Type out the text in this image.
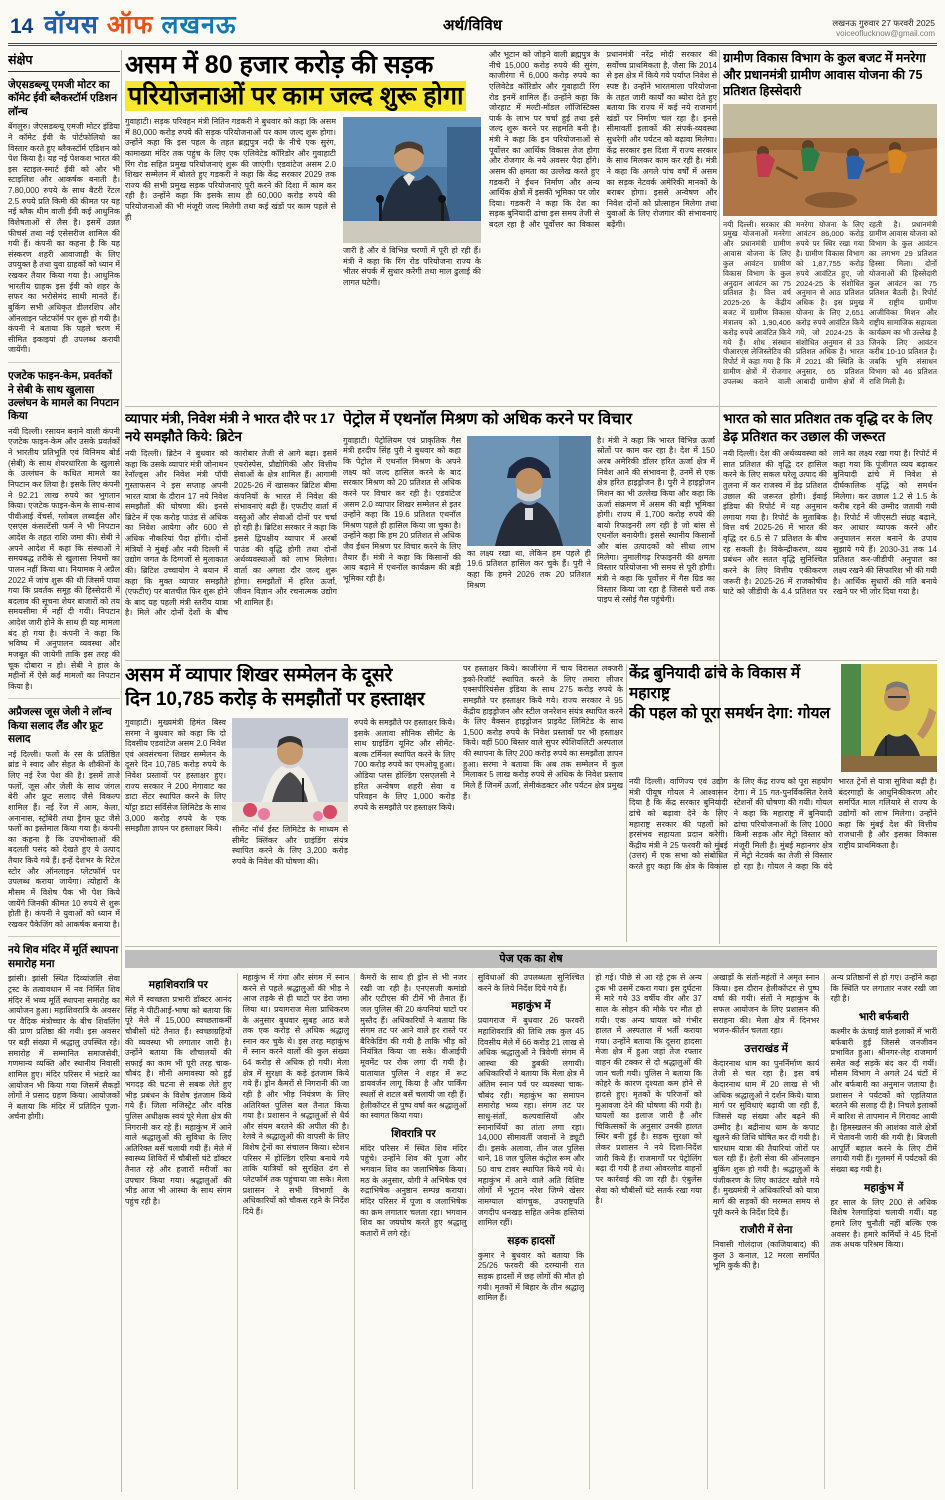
14 वॉयस ऑफ लखनऊ	अर्थ/विविध	लखनऊ गुरुवार 27 फरवरी 2025
voiceoflucknow@gmail.com
संक्षेप
जेएसडब्ल्यू एमजी मोटर का कॉमेट ईवी ब्लैकस्टॉर्म एडिशन लॉन्च

बेंगलुरु। जेएसडब्ल्यू एमजी मोटर इंडिया ने कॉमेट ईवी के पोर्टफोलियो का विस्तार करते हुए ब्लैकस्टॉर्म एडिशन को पेश किया है। यह नई पेशकश भारत की इस स्टाइल-स्मार्ट ईवी को और भी स्टाइलिश और आकर्षक बनाती है। 7.80,000 रुपये के साथ बैटरी रेंटल 2.5 रुपये प्रति किमी की कीमत पर यह नई ब्लैक थीम वाली ईवी कई आधुनिक विशेषताओं से लैस है। इसमें उन्नत फीचर्स तथा नई एसेसरीज शामिल की गयी हैं। कंपनी का कहना है कि यह संस्करण शहरी आवाजाही के लिए उपयुक्त है तथा युवा ग्राहकों को ध्यान में रखकर तैयार किया गया है। आधुनिक भारतीय ग्राहक इस ईवी को शहर के सफर का भरोसेमंद साथी मानते हैं। बुकिंग सभी अधिकृत डीलरशिप और ऑनलाइन प्लेटफॉर्म पर शुरू हो गयी है। कंपनी ने बताया कि पहले चरण में सीमित इकाइयां ही उपलब्ध करायी जायेंगी।

एजटेक फाइन-केम, प्रवर्तकों ने सेबी के साथ खुलासा उल्लंघन के मामले का निपटान किया

नयी दिल्ली। रसायन बनाने वाली कंपनी एजटेक फाइन-केम और उसके प्रवर्तकों ने भारतीय प्रतिभूति एवं विनिमय बोर्ड (सेबी) के साथ शेयरधारिता के खुलासे के उल्लंघन के कथित मामले का निपटान कर लिया है। इसके लिए कंपनी ने 92.21 लाख रुपये का भुगतान किया। एजटेक फाइन-केम के साथ-साथ पीवीआई वेंचर्स, ग्लोबल लब्वर्ड्स और एसएस कंसल्टेंसी फर्म ने भी निपटान आदेश के तहत राशि जमा की। सेबी ने अपने आदेश में कहा कि संस्थाओं ने समयबद्ध तरीके से खुलासा नियमों का पालन नहीं किया था। नियामक ने अप्रैल 2022 में जांच शुरू की थी जिसमें पाया गया कि प्रवर्तक समूह की हिस्सेदारी में बदलाव की सूचना शेयर बाजारों को तय समयसीमा में नहीं दी गयी। निपटान आदेश जारी होने के साथ ही यह मामला बंद हो गया है। कंपनी ने कहा कि भविष्य में अनुपालन व्यवस्था और मजबूत की जायेगी ताकि इस तरह की चूक दोबारा न हो। सेबी ने हाल के महीनों में ऐसे कई मामलों का निपटान किया है।

अप्रैजल्स जूस जेली ने लॉन्च किया सलाद लैंड और फ्रूट सलाद

नई दिल्ली। फलों के रस के प्रतिष्ठित ब्रांड ने स्वाद और सेहत के शौकीनों के लिए नई रेंज पेश की है। इसमें ताजे फलों, जूस और जेली के साथ जंगल बेरी और फ्रूट सलाद जैसे विकल्प शामिल हैं। नई रेंज में आम, केला, अनानास, स्ट्रॉबेरी तथा ड्रैगन फ्रूट जैसे फलों का इस्तेमाल किया गया है। कंपनी का कहना है कि उपभोक्ताओं की बदलती पसंद को देखते हुए ये उत्पाद तैयार किये गये हैं। इन्हें देशभर के रिटेल स्टोर और ऑनलाइन प्लेटफॉर्म पर उपलब्ध कराया जायेगा। त्योहारों के मौसम में विशेष पैक भी पेश किये जायेंगे जिनकी कीमत 10 रुपये से शुरू होती है। कंपनी ने युवाओं को ध्यान में रखकर पैकेजिंग को आकर्षक बनाया है।

नये शिव मंदिर में मूर्ति स्थापना समारोह मना

झांसी। झांसी स्थित दिव्यांजलि सेवा ट्रस्ट के तत्वावधान में नव निर्मित शिव मंदिर में भव्य मूर्ति स्थापना समारोह का आयोजन हुआ। महाशिवरात्रि के अवसर पर वैदिक मंत्रोच्चार के बीच शिवलिंग की प्राण प्रतिष्ठा की गयी। इस अवसर पर बड़ी संख्या में श्रद्धालु उपस्थित रहे। समारोह में सम्मानित समाजसेवी, गणमान्य व्यक्ति और स्थानीय निवासी शामिल हुए। मंदिर परिसर में भंडारे का आयोजन भी किया गया जिसमें सैकड़ों लोगों ने प्रसाद ग्रहण किया। आयोजकों ने बताया कि मंदिर में प्रतिदिन पूजा-अर्चना होगी।

असम में 80 हजार करोड़ की सड़क
परियोजनाओं पर काम जल्द शुरू होगा
गुवाहाटी। सड़क परिवहन मंत्री नितिन गडकरी ने बुधवार को कहा कि असम में 80,000 करोड़ रुपये की सड़क परियोजनाओं पर काम जल्द शुरू होगा। उन्होंने कहा कि इस पहल के तहत ब्रह्मपुत्र नदी के नीचे एक सुरंग, कामाख्या मंदिर तक पहुंच के लिए एक एलिवेटेड कॉरिडोर और गुवाहाटी रिंग रोड सहित प्रमुख परियोजनाएं शुरू की जाएंगी। एडवांटेज असम 2.0 शिखर सम्मेलन में बोलते हुए गडकरी ने कहा कि केंद्र सरकार 2029 तक राज्य की सभी प्रमुख सड़क परियोजनाएं पूरी करने की दिशा में काम कर रही है। उन्होंने कहा कि इसके साथ ही 60,000 करोड़ रुपये की परियोजनाओं की भी मंजूरी जल्द मिलेगी तथा कई खंडों पर काम पहले से ही
जारी है और वे विभिन्न चरणों में पूरी हो रही हैं। मंत्री ने कहा कि रिंग रोड परियोजना राज्य के भीतर संपर्क में सुधार करेगी तथा माल ढुलाई की लागत घटेगी।
और भूटान को जोड़ने वाली ब्रह्मपुत्र के नीचे 15,000 करोड़ रुपये की सुरंग, काजीरंगा में 6,000 करोड़ रुपये का एलिवेटेड कॉरिडोर और गुवाहाटी रिंग रोड इनमें शामिल हैं। उन्होंने कहा कि जोरहाट में मल्टी-मॉडल लॉजिस्टिक्स पार्क के लाभ पर चर्चा हुई तथा इसे जल्द शुरू करने पर सहमति बनी है। मंत्री ने कहा कि इन परियोजनाओं से पूर्वोत्तर का आर्थिक विकास तेज होगा और रोजगार के नये अवसर पैदा होंगे। असम की क्षमता का उल्लेख करते हुए गडकरी ने ईंधन निर्माण और अन्य आर्थिक क्षेत्रों में इसकी भूमिका पर जोर दिया। गडकरी ने कहा कि देश का सड़क बुनियादी ढांचा इस समय तेजी से बदल रहा है और पूर्वोत्तर का विकास प्रधानमंत्री नरेंद्र मोदी सरकार की सर्वोच्च प्राथमिकता है, जैसा कि 2014 से इस क्षेत्र में किये गये पर्याप्त निवेश से स्पष्ट है। उन्होंने भारतमाला परियोजना के तहत जारी कार्यों का ब्योरा देते हुए बताया कि राज्य में कई नये राजमार्ग खंडों पर निर्माण चल रहा है। इनसे सीमावर्ती इलाकों की संपर्क-व्यवस्था सुधरेगी और पर्यटन को बढ़ावा मिलेगा। केंद्र सरकार इस दिशा में राज्य सरकार के साथ मिलकर काम कर रही है। मंत्री ने कहा कि अगले पांच वर्षों में असम का सड़क नेटवर्क अमेरिकी मानकों के बराबर होगा। इससे अन्वेषण और निवेश दोनों को प्रोत्साहन मिलेगा तथा युवाओं के लिए रोजगार की संभावनाएं बढ़ेंगी।
ग्रामीण विकास विभाग के कुल बजट में मनरेगा और प्रधानमंत्री ग्रामीण आवास योजना की 75 प्रतिशत हिस्सेदारी
नयी दिल्ली। सरकार की प्रमुख योजनाओं मनरेगा और प्रधानमंत्री ग्रामीण आवास योजना के लिए कुल आवंटन ग्रामीण विकास विभाग के कुल अनुदान आवंटन का 75 प्रतिशत है। वित्त वर्ष 2025-26 के केंद्रीय बजट में ग्रामीण विकास मंत्रालय को 1,90,406 करोड़ रुपये आवंटित किये गये हैं। शोध संस्थान पीआरएस लेजिस्लेटिव की रिपोर्ट में कहा गया है कि ग्रामीण क्षेत्रों में रोजगार उपलब्ध कराने वाली मनरेगा योजना के लिए आवंटन 86,000 करोड़ रुपये पर स्थिर रखा गया है। ग्रामीण विकास विभाग को 1,87,755 करोड़ रुपये आवंटित हुए, जो 2024-25 के संशोधित अनुमान से आठ प्रतिशत अधिक है। इस प्रमुख योजना के लिए 2,651 करोड़ रुपये आवंटित किये गये, जो 2024-25 के संशोधित अनुमान से 33 प्रतिशत अधिक है। भारत में 2021 की स्थिति के अनुसार, 65 प्रतिशत आबादी ग्रामीण क्षेत्रों में रहती है। प्रधानमंत्री ग्रामीण आवास योजना को विभाग के कुल आवंटन का लगभग 29 प्रतिशत हिस्सा मिला। दोनों योजनाओं की हिस्सेदारी कुल आवंटन का 75 प्रतिशत बैठती है। रिपोर्ट में राष्ट्रीय ग्रामीण आजीविका मिशन और राष्ट्रीय सामाजिक सहायता कार्यक्रम का भी उल्लेख है जिनके लिए आवंटन करीब 10-10 प्रतिशत है। जबकि भूमि संसाधन विभाग को 46 प्रतिशत राशि मिली है।
व्यापार मंत्री, निवेश मंत्री ने भारत दौरे पर 17 नये समझौते किये: ब्रिटेन
नयी दिल्ली। ब्रिटेन ने बुधवार को कहा कि उसके व्यापार मंत्री जोनाथन रेनॉल्ड्स और निवेश मंत्री पॉपी गुस्ताफसन ने इस सप्ताह अपनी भारत यात्रा के दौरान 17 नये निवेश समझौतों की घोषणा की। इनसे ब्रिटेन में एक करोड़ पाउंड से अधिक का निवेश आयेगा और 600 से अधिक नौकरियां पैदा होंगी। दोनों मंत्रियों ने मुंबई और नयी दिल्ली में उद्योग जगत के दिग्गजों से मुलाकात की। ब्रिटिश उच्चायोग ने बयान में कहा कि मुक्त व्यापार समझौते (एफटीए) पर बातचीत फिर शुरू होने के बाद यह पहली मंत्री स्तरीय यात्रा है। मिले और दोनों देशों के बीच कारोबार तेजी से आगे बढ़ा। इसमें एयरोस्पेस, प्रौद्योगिकी और वित्तीय सेवाओं के क्षेत्र शामिल हैं। आगामी 2025-26 में खासकर ब्रिटिश बीमा कंपनियों के भारत में निवेश की संभावनाएं बढ़ी हैं। एफटीए वार्ता में वस्तुओं और सेवाओं दोनों पर चर्चा हो रही है। ब्रिटिश सरकार ने कहा कि इससे द्विपक्षीय व्यापार में अरबों पाउंड की वृद्धि होगी तथा दोनों अर्थव्यवस्थाओं को लाभ मिलेगा। वार्ता का अगला दौर जल्द शुरू होगा। समझौतों में हरित ऊर्जा, जीवन विज्ञान और रचनात्मक उद्योग भी शामिल हैं।
पेट्रोल में एथनॉल मिश्रण को अधिक करने पर विचार
गुवाहाटी। पेट्रोलियम एवं प्राकृतिक गैस मंत्री हरदीप सिंह पुरी ने बुधवार को कहा कि पेट्रोल में एथनॉल मिश्रण के अपने लक्ष्य को जल्द हासिल करने के बाद सरकार मिश्रण को 20 प्रतिशत से अधिक करने पर विचार कर रही है। एडवांटेज असम 2.0 व्यापार शिखर सम्मेलन से इतर उन्होंने कहा कि 19.6 प्रतिशत एथनॉल मिश्रण पहले ही हासिल किया जा चुका है। उन्होंने कहा कि हम 20 प्रतिशत से अधिक जैव ईंधन मिश्रण पर विचार करने के लिए तैयार हैं। मंत्री ने कहा कि किसानों की आय बढ़ाने में एथनॉल कार्यक्रम की बड़ी भूमिका रही है।
का लक्ष्य रखा था, लेकिन हम पहले ही 19.6 प्रतिशत हासिल कर चुके हैं। पुरी ने कहा कि हमने 2026 तक 20 प्रतिशत मिश्रण
है। मंत्री ने कहा कि भारत विभिन्न ऊर्जा स्रोतों पर काम कर रहा है। देश में 150 अरब अमेरिकी डॉलर हरित ऊर्जा क्षेत्र में निवेश आने की संभावना है, उनमें से एक क्षेत्र हरित हाइड्रोजन है। पुरी ने हाइड्रोजन मिशन का भी उल्लेख किया और कहा कि ऊर्जा संक्रमण में असम की बड़ी भूमिका होगी। राज्य में 1,700 करोड़ रुपये की बायो रिफाइनरी लग रही है जो बांस से एथनॉल बनायेगी। इससे स्थानीय किसानों और बांस उत्पादकों को सीधा लाभ मिलेगा। नुमालीगढ़ रिफाइनरी की क्षमता विस्तार परियोजना भी समय से पूरी होगी। मंत्री ने कहा कि पूर्वोत्तर में गैस ग्रिड का विस्तार किया जा रहा है जिससे घरों तक पाइप से रसोई गैस पहुंचेगी।
भारत को सात प्रतिशत तक वृद्धि दर के लिए डेढ़ प्रतिशत कर उछाल की जरूरत
नयी दिल्ली। देश की अर्थव्यवस्था को सात प्रतिशत की वृद्धि दर हासिल करने के लिए सकल घरेलू उत्पाद की तुलना में कर राजस्व में डेढ़ प्रतिशत उछाल की जरूरत होगी। ईवाई इंडिया की रिपोर्ट में यह अनुमान लगाया गया है। रिपोर्ट के मुताबिक वित्त वर्ष 2025-26 में भारत की वृद्धि दर 6.5 से 7 प्रतिशत के बीच रह सकती है। विकेन्द्रीकरण, व्यय प्रबंधन और सतत वृद्धि सुनिश्चित करने के लिए वित्तीय एकीकरण जरूरी है। 2025-26 में राजकोषीय घाटे को जीडीपी के 4.4 प्रतिशत पर लाने का लक्ष्य रखा गया है। रिपोर्ट में कहा गया कि पूंजीगत व्यय बढ़ाकर बुनियादी ढांचे में निवेश से दीर्घकालिक वृद्धि को समर्थन मिलेगा। कर उछाल 1.2 से 1.5 के करीब रहने की उम्मीद जतायी गयी है। रिपोर्ट में जीएसटी संग्रह बढ़ाने, कर आधार व्यापक करने और अनुपालन सरल बनाने के उपाय सुझाये गये हैं। 2030-31 तक 14 प्रतिशत कर-जीडीपी अनुपात का लक्ष्य रखने की सिफारिश भी की गयी है। आर्थिक सुधारों की गति बनाये रखने पर भी जोर दिया गया है।
असम में व्यापार शिखर सम्मेलन के दूसरे
दिन 10,785 करोड़ के समझौतों पर हस्ताक्षर
गुवाहाटी। मुख्यमंत्री हिमंत बिस्व सरमा ने बुधवार को कहा कि दो दिवसीय एडवांटेज असम 2.0 निवेश एवं अवसंरचना शिखर सम्मेलन के दूसरे दिन 10,785 करोड़ रुपये के निवेश प्रस्तावों पर हस्ताक्षर हुए। राज्य सरकार ने 200 मेगावाट का डाटा सेंटर स्थापित करने के लिए यॉट्टा डाटा सर्विसेज लिमिटेड के साथ 3,000 करोड़ रुपये के एक समझौता ज्ञापन पर हस्ताक्षर किये।	सीमेंट नॉर्थ ईस्ट लिमिटेड के माध्यम से सीमेंट क्लिंकर और ग्राइंडिंग संयंत्र स्थापित करने के लिए 3,200 करोड़ रुपये के निवेश की घोषणा की।
रुपये के समझौते पर हस्ताक्षर किये। इसके अलावा सौनिक सीमेंट के साथ ग्राइंडिंग यूनिट और सीमेंट-बल्क टर्मिनल स्थापित करने के लिए 700 करोड़ रुपये का एमओयू हुआ। ओडिया प्लस होल्डिंग एसएलसी ने हरित अन्वेषण शहरी सेवा व परिवहन के लिए 1,000 करोड़ रुपये के समझौते पर हस्ताक्षर किये।
पर हस्ताक्षर किये। काजीरंगा में चाय विरासत लक्जरी इको-रिजॉर्ट स्थापित करने के लिए तमारा लीजर एक्सपीरियंसेस इंडिया के साथ 275 करोड़ रुपये के समझौते पर हस्ताक्षर किये गये। राज्य सरकार ने 95 केंद्रीय हाइड्रोजन और स्टील जनरेशन संयंत्र स्थापित करने के लिए वैक्सन हाइड्रोजन प्राइवेट लिमिटेड के साथ 1,500 करोड़ रुपये के निवेश प्रस्तावों पर भी हस्ताक्षर किये। वहीं 500 बिस्तर वाले सुपर स्पेशियलिटी अस्पताल की स्थापना के लिए 200 करोड़ रुपये का समझौता ज्ञापन हुआ। सरमा ने बताया कि अब तक सम्मेलन में कुल मिलाकर 5 लाख करोड़ रुपये से अधिक के निवेश प्रस्ताव मिले हैं जिनमें ऊर्जा, सेमीकंडक्टर और पर्यटन क्षेत्र प्रमुख हैं।
केंद्र बुनियादी ढांचे के विकास में महाराष्ट्र
की पहल को पूरा समर्थन देगा: गोयल
नयी दिल्ली। वाणिज्य एवं उद्योग मंत्री पीयूष गोयल ने आश्वासन दिया है कि केंद्र सरकार बुनियादी ढांचे को बढ़ावा देने के लिए महाराष्ट्र सरकार की पहलों को हरसंभव सहायता प्रदान करेगी। केंद्रीय मंत्री ने 25 फरवरी को मुंबई (उत्तर) में एक सभा को संबोधित करते हुए कहा कि क्षेत्र के विकास के लिए केंद्र राज्य को पूरा सहयोग देगा। में 15 गत-पुनर्विकसित रेलवे स्टेशनों की घोषणा की गयी। गोयल ने कहा कि महाराष्ट्र में बुनियादी ढांचा परियोजनाओं के लिए 1000 किमी सड़क और मेट्रो विस्तार को मंजूरी मिली है। मुंबई महानगर क्षेत्र में मेट्रो नेटवर्क का तेजी से विस्तार हो रहा है। गोयल ने कहा कि वंदे भारत ट्रेनों से यात्रा सुविधा बढ़ी है। बंदरगाहों के आधुनिकीकरण और समर्पित माल गलियारे से राज्य के उद्योगों को लाभ मिलेगा। उन्होंने कहा कि मुंबई देश की वित्तीय राजधानी है और इसका विकास राष्ट्रीय प्राथमिकता है।
पेज एक का शेष
महाशिवरात्रि पर

मेले में स्वच्छता प्रभारी डॉक्टर आनंद सिंह ने पीटीआई-भाषा को बताया कि पूरे मेले में 15,000 स्वच्छताकर्मी चौबीसों घंटे तैनात हैं। स्वच्छाग्रहियों की व्यवस्था भी लगातार जारी है। उन्होंने बताया कि शौचालयों की सफाई का काम भी पूरी तरह चाक-चौबंद है। मौनी अमावस्या को हुई भगदड़ की घटना से सबक लेते हुए भीड़ प्रबंधन के विशेष इंतजाम किये गये हैं। जिला मजिस्ट्रेट और वरिष्ठ पुलिस अधीक्षक स्वयं पूरे मेला क्षेत्र की निगरानी कर रहे हैं। महाकुंभ में आने वाले श्रद्धालुओं की सुविधा के लिए अतिरिक्त बसें चलायी गयी हैं। मेले में स्वास्थ्य शिविरों में चौबीसों घंटे डॉक्टर तैनात रहे और हजारों मरीजों का उपचार किया गया। श्रद्धालुओं की भीड़ आज भी आस्था के साथ संगम पहुंच रही है।

महाकुंभ में गंगा और संगम में स्नान करने से पहले श्रद्धालुओं की भीड़ ने आज तड़के से ही घाटों पर डेरा जमा लिया था। प्रयागराज मेला प्राधिकरण के अनुसार बुधवार सुबह आठ बजे तक एक करोड़ से अधिक श्रद्धालु स्नान कर चुके थे। इस तरह महाकुंभ में स्नान करने वालों की कुल संख्या 64 करोड़ से अधिक हो गयी। मेला क्षेत्र में सुरक्षा के कड़े इंतजाम किये गये हैं। ड्रोन कैमरों से निगरानी की जा रही है और भीड़ नियंत्रण के लिए अतिरिक्त पुलिस बल तैनात किया गया है। प्रशासन ने श्रद्धालुओं से धैर्य और संयम बरतने की अपील की है। रेलवे ने श्रद्धालुओं की वापसी के लिए विशेष ट्रेनों का संचालन किया। स्टेशन परिसर में होल्डिंग एरिया बनाये गये ताकि यात्रियों को सुरक्षित ढंग से प्लेटफॉर्म तक पहुंचाया जा सके। मेला प्रशासन ने सभी विभागों के अधिकारियों को चौकस रहने के निर्देश दिये हैं।

कैमरों के साथ ही ड्रोन से भी नजर रखी जा रही है। एनएसजी कमांडो और एटीएस की टीमें भी तैनात हैं। जल पुलिस की 20 कंपनियां घाटों पर मुस्तैद हैं। अधिकारियों ने बताया कि संगम तट पर आने वाले हर रास्ते पर बैरिकेडिंग की गयी है ताकि भीड़ को नियंत्रित किया जा सके। वीआईपी मूवमेंट पर रोक लगा दी गयी है। यातायात पुलिस ने शहर में रूट डायवर्जन लागू किया है और पार्किंग स्थलों से शटल बसें चलायी जा रही हैं। हेलीकॉप्टर से पुष्प वर्षा कर श्रद्धालुओं का स्वागत किया गया।

शिवरात्रि पर

मंदिर परिसर में स्थित शिव मंदिर पहुंचे। उन्होंने शिव की पूजा और भगवान शिव का जलाभिषेक किया। मठ के अनुसार, योगी ने अभिषेक एवं रुद्राभिषेक अनुष्ठान सम्पन्न कराया। मंदिर परिसर में पूजा व जलाभिषेक का क्रम लगातार चलता रहा। भगवान शिव का जयघोष करते हुए श्रद्धालु कतारों में लगे रहे।

सुविधाओं की उपलब्धता सुनिश्चित करने के लिये निर्देश दिये गये हैं।

महाकुंभ में

प्रयागराज में बुधवार 26 फरवरी महाशिवरात्रि की तिथि तक कुल 45 दिवसीय मेले में 66 करोड़ 21 लाख से अधिक श्रद्धालुओं ने त्रिवेणी संगम में आस्था की डुबकी लगायी। अधिकारियों ने बताया कि मेला क्षेत्र में अंतिम स्नान पर्व पर व्यवस्था चाक-चौबंद रही। महाकुंभ का समापन समारोह भव्य रहा। संगम तट पर साधु-संतों, कल्पवासियों और स्नानार्थियों का तांता लगा रहा। 14,000 सीमावर्ती जवानों ने ड्यूटी दी। इसके अलावा, तीन जल पुलिस थाने, 18 जल पुलिस कंट्रोल रूम और 50 वाच टावर स्थापित किये गये थे। महाकुंभ में आने वाले अति विशिष्ट लोगों में भूटान नरेश जिग्मे खेसर नामग्याल वांगचुक, उपराष्ट्रपति जगदीप धनखड़ सहित अनेक हस्तियां शामिल रहीं।

सड़क हादसों

कुमार ने बुधवार को बताया कि 25/26 फरवरी की दरम्यानी रात सड़क हादसों में छह लोगों की मौत हो गयी। मृतकों में बिहार के तीन श्रद्धालु शामिल हैं।

हो गई। पीछे से आ रहे ट्रक से अन्य ट्रक भी उसमें टकरा गया। इस दुर्घटना में मारे गये 33 वर्षीय वीर और 37 साल के सोहन की मौके पर मौत हो गयी। एक अन्य घायल को गंभीर हालत में अस्पताल में भर्ती कराया गया। उन्होंने बताया कि दूसरा हादसा मेजा क्षेत्र में हुआ जहां तेज रफ्तार वाहन की टक्कर से दो श्रद्धालुओं की जान चली गयी। पुलिस ने बताया कि कोहरे के कारण दृश्यता कम होने से हादसे हुए। मृतकों के परिजनों को मुआवजा देने की घोषणा की गयी है। घायलों का इलाज जारी है और चिकित्सकों के अनुसार उनकी हालत स्थिर बनी हुई है। सड़क सुरक्षा को लेकर प्रशासन ने नये दिशा-निर्देश जारी किये हैं। राजमार्गों पर पेट्रोलिंग बढ़ा दी गयी है तथा ओवरलोड वाहनों पर कार्रवाई की जा रही है। एंबुलेंस सेवा को चौबीसों घंटे सतर्क रखा गया है।

अखाड़ों के संतों-महंतों ने अमृत स्नान किया। इस दौरान हेलीकॉप्टर से पुष्प वर्षा की गयी। संतों ने महाकुंभ के सफल आयोजन के लिए प्रशासन की सराहना की। मेला क्षेत्र में दिनभर भजन-कीर्तन चलता रहा।

उत्तराखंड में

केदारनाथ धाम का पुनर्निर्माण कार्य तेजी से चल रहा है। इस वर्ष केदारनाथ धाम में 20 लाख से भी अधिक श्रद्धालुओं ने दर्शन किये। यात्रा मार्ग पर सुविधाएं बढ़ायी जा रही हैं, जिससे यह संख्या और बढ़ने की उम्मीद है। बद्रीनाथ धाम के कपाट खुलने की तिथि घोषित कर दी गयी है। चारधाम यात्रा की तैयारियां जोरों पर चल रही हैं। हेली सेवा की ऑनलाइन बुकिंग शुरू हो गयी है। श्रद्धालुओं के पंजीकरण के लिए काउंटर खोले गये हैं। मुख्यमंत्री ने अधिकारियों को यात्रा मार्ग की सड़कों की मरम्मत समय से पूरी करने के निर्देश दिये हैं।

राजौरी में सेना

निवासी गोलंदाज (काजियाबाद) की कुल 3 कनाल, 12 मरला समर्पित भूमि कुर्क की है।

अन्य प्रतिष्ठानों से हो गए। उन्होंने कहा कि स्थिति पर लगातार नजर रखी जा रही है।

भारी बर्फबारी

कश्मीर के ऊंचाई वाले इलाकों में भारी बर्फबारी हुई जिससे जनजीवन प्रभावित हुआ। श्रीनगर-लेह राजमार्ग समेत कई सड़कें बंद कर दी गयीं। मौसम विभाग ने अगले 24 घंटों में और बर्फबारी का अनुमान जताया है। प्रशासन ने पर्यटकों को एहतियात बरतने की सलाह दी है। निचले इलाकों में बारिश से तापमान में गिरावट आयी है। हिमस्खलन की आशंका वाले क्षेत्रों में चेतावनी जारी की गयी है। बिजली आपूर्ति बहाल करने के लिए टीमें लगायी गयी हैं। गुलमर्ग में पर्यटकों की संख्या बढ़ गयी है।

महाकुंभ में

हर साल के लिए 200 से अधिक विशेष रेलगाड़ियां चलायी गयीं। यह हमारे लिए चुनौती नहीं बल्कि एक अवसर है। हमारे कर्मियों ने 45 दिनों तक अथक परिश्रम किया।
